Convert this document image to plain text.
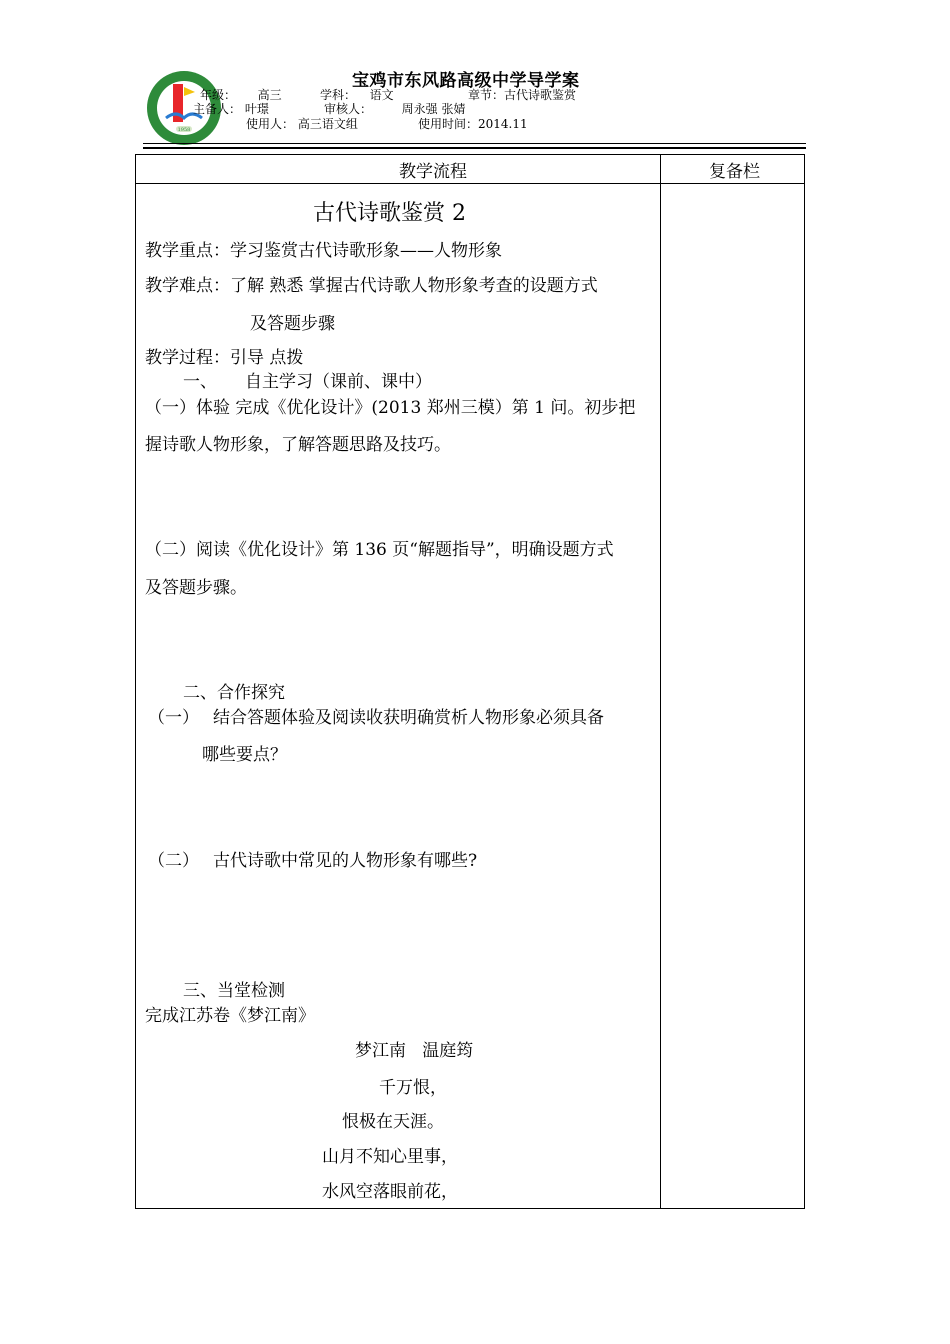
1958
宝鸡市东风路高级中学导学案
年级： 高三	学科： 语文	章节：古代诗歌鉴赏
主备人： 叶璟	审核人： 周永强 张婧
使用人： 高三语文组	使用时间：2014.11
教学流程	复备栏
古代诗歌鉴赏 2
教学重点：学习鉴赏古代诗歌形象——人物形象
教学难点：了解 熟悉 掌握古代诗歌人物形象考查的设题方式
及答题步骤
教学过程：引导 点拨
一、 自主学习（课前、课中）
（一）体验 完成《优化设计》(2013 郑州三模）第 1 问。初步把
握诗歌人物形象，了解答题思路及技巧。
（二）阅读《优化设计》第 136 页“解题指导”，明确设题方式
及答题步骤。
二、合作探究
（一） 结合答题体验及阅读收获明确赏析人物形象必须具备
哪些要点？
（二） 古代诗歌中常见的人物形象有哪些?
三、当堂检测
完成江苏卷《梦江南》
梦江南   温庭筠
千万恨，
恨极在天涯。
山月不知心里事，
水风空落眼前花，
